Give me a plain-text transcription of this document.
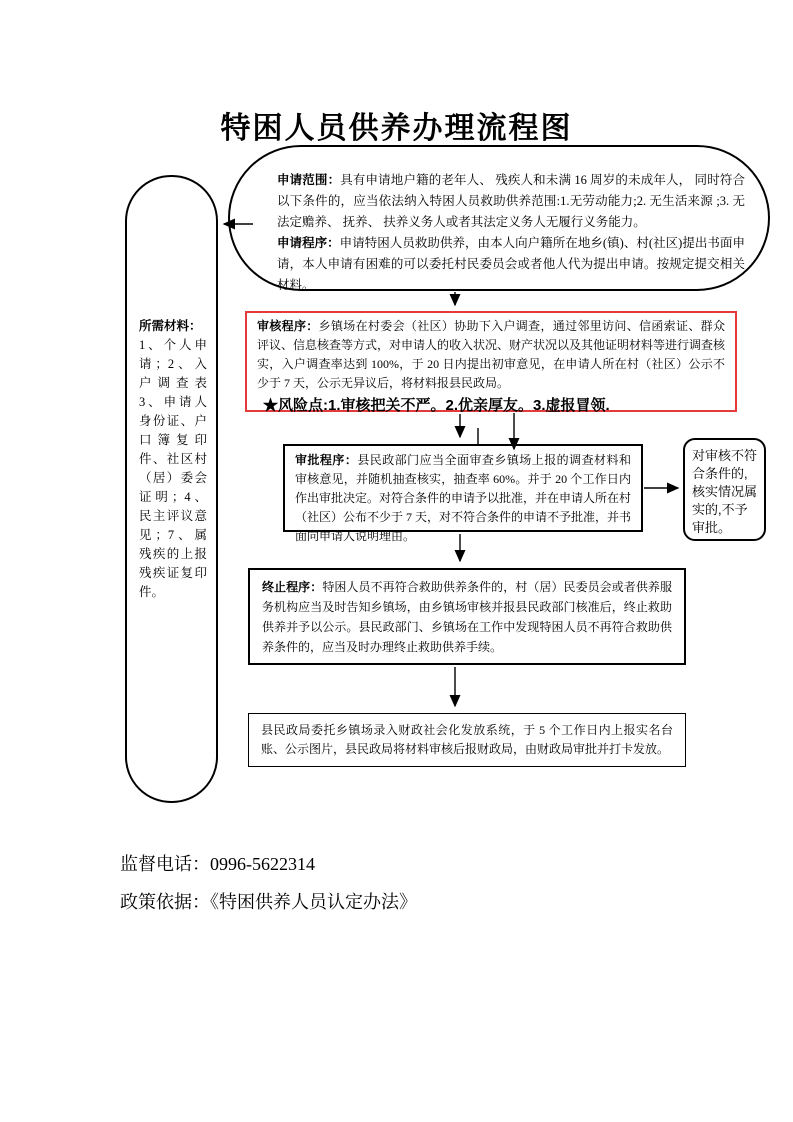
特困人员供养办理流程图

申请范围：具有申请地户籍的老年人、 残疾人和未满 16 周岁的未成年人， 同时符合以下条件的，应当依法纳入特困人员救助供养范围:1.无劳动能力;2. 无生活来源 ;3. 无法定赡养、 抚养、 扶养义务人或者其法定义务人无履行义务能力。

申请程序：申请特困人员救助供养，由本人向户籍所在地乡(镇)、村(社区)提出书面申请，本人申请有困难的可以委托村民委员会或者他人代为提出申请。按规定提交相关材料。

所需材料：
1、个人申请；2、入户调查表 3、申请人身份证、户口簿复印件、社区村（居）委会证明；4、民主评议意见；7、属残疾的上报残疾证复印件。

审核程序：乡镇场在村委会（社区）协助下入户调查，通过邻里访问、信函索证、群众评议、信息核查等方式，对申请人的收入状况、财产状况以及其他证明材料等进行调查核实，入户调查率达到 100%，于 20 日内提出初审意见，在申请人所在村（社区）公示不少于 7 天，公示无异议后，将材料报县民政局。

★风险点:1.审核把关不严。2.优亲厚友。3.虚报冒领.

审批程序：县民政部门应当全面审查乡镇场上报的调查材料和审核意见，并随机抽查核实，抽查率 60%。并于 20 个工作日内作出审批决定。对符合条件的申请予以批准，并在申请人所在村（社区）公布不少于 7 天，对不符合条件的申请不予批准，并书面向申请人说明理由。

对审核不符合条件的,核实情况属实的,不予审批。

终止程序：特困人员不再符合救助供养条件的，村（居）民委员会或者供养服务机构应当及时告知乡镇场，由乡镇场审核并报县民政部门核准后，终止救助供养并予以公示。县民政部门、乡镇场在工作中发现特困人员不再符合救助供养条件的，应当及时办理终止救助供养手续。

县民政局委托乡镇场录入财政社会化发放系统，于 5 个工作日内上报实名台账、公示图片，县民政局将材料审核后报财政局，由财政局审批并打卡发放。

监督电话：0996-5622314
政策依据：《特困供养人员认定办法》
